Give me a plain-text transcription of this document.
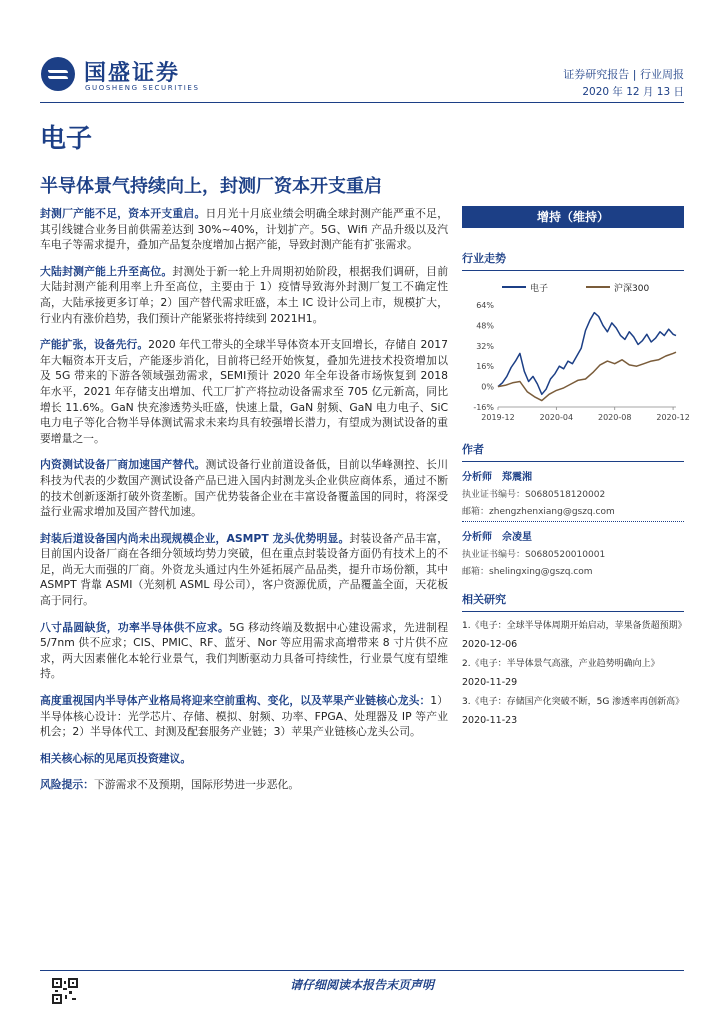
国盛证券
GUOSHENG SECURITIES
证券研究报告 | 行业周报
2020 年 12 月 13 日
电子
半导体景气持续向上，封测厂资本开支重启

封测厂产能不足，资本开支重启。日月光十月底业绩会明确全球封测产能严重不足，其引线键合业务目前供需差达到 30%~40%，计划扩产。5G、Wifi 产品升级以及汽车电子等需求提升，叠加产品复杂度增加占据产能，导致封测产能有扩张需求。

大陆封测产能上升至高位。封测处于新一轮上升周期初始阶段，根据我们调研，目前大陆封测产能利用率上升至高位，主要由于 1）疫情导致海外封测厂复工不确定性高，大陆承接更多订单；2）国产替代需求旺盛，本土 IC 设计公司上市，规模扩大，行业内有涨价趋势，我们预计产能紧张将持续到 2021H1。

产能扩张，设备先行。2020 年代工带头的全球半导体资本开支回增长，存储自 2017 年大幅资本开支后，产能逐步消化，目前将已经开始恢复，叠加先进技术投资增加以及 5G 带来的下游各领域强劲需求，SEMI预计 2020 年全年设备市场恢复到 2018 年水平，2021 年存储支出增加、代工厂扩产将拉动设备需求至 705 亿元新高，同比增长 11.6%。GaN 快充渗透势头旺盛，快速上量，GaN 射频、GaN 电力电子、SiC 电力电子等化合物半导体测试需求未来均具有较强增长潜力，有望成为测试设备的重要增量之一。

内资测试设备厂商加速国产替代。测试设备行业前道设备低，目前以华峰测控、长川科技为代表的少数国产测试设备产品已进入国内封测龙头企业供应商体系，通过不断的技术创新逐渐打破外资垄断。国产优势装备企业在丰富设备覆盖国的同时，将深受益行业需求增加及国产替代加速。

封装后道设备国内尚未出现规模企业，ASMPT 龙头优势明显。封装设备产品丰富，目前国内设备厂商在各细分领域均势力突破，但在重点封装设备方面仍有技术上的不足，尚无大而强的厂商。外资龙头通过内生外延拓展产品品类，提升市场份额，其中 ASMPT 背靠 ASMI（光刻机 ASML 母公司），客户资源优质，产品覆盖全面，天花板高于同行。

八寸晶圆缺货，功率半导体供不应求。5G 移动终端及数据中心建设需求，先进制程 5/7nm 供不应求；CIS、PMIC、RF、蓝牙、Nor 等应用需求高增带来 8 寸片供不应求，两大因素催化本轮行业景气，我们判断驱动力具备可持续性，行业景气度有望维持。

高度重视国内半导体产业格局将迎来空前重构、变化，以及苹果产业链核心龙头：1）半导体核心设计：光学芯片、存储、模拟、射频、功率、FPGA、处理器及 IP 等产业机会；2）半导体代工、封测及配套服务产业链；3）苹果产业链核心龙头公司。

相关核心标的见尾页投资建议。

风险提示：下游需求不及预期，国际形势进一步恶化。

增持（维持）
行业走势
电子	沪深300
64%
48%
32%
16%
0%
-16%
2019-12	2020-04	2020-08	2020-12
作者
分析师 郑震湘
执业证书编号：S0680518120002
邮箱：zhengzhenxiang@gszq.com
分析师 佘凌星
执业证书编号：S0680520010001
邮箱：shelingxing@gszq.com
相关研究
1.《电子：全球半导体周期开始启动，苹果备货超预期》
2020-12-06
2.《电子：半导体景气高涨，产业趋势明确向上》
2020-11-29
3.《电子：存储国产化突破不断，5G 渗透率再创新高》
2020-11-23
请仔细阅读本报告末页声明
